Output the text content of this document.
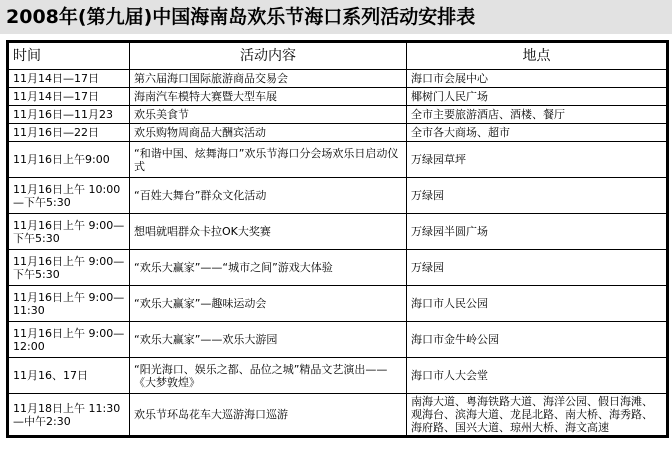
2008年(第九届)中国海南岛欢乐节海口系列活动安排表
时间	活动内容	地点
11月14日—17日	第六届海口国际旅游商品交易会	海口市会展中心
11月14日—17日	海南汽车模特大赛暨大型车展	椰树门人民广场
11月16日—11月23	欢乐美食节	全市主要旅游酒店、酒楼、餐厅
11月16日—22日	欢乐购物周商品大酬宾活动	全市各大商场、超市
11月16日上午9:00	“和谐中国、炫舞海口”欢乐节海口分会场欢乐日启动仪式	万绿园草坪
11月16日上午 10:00—下午5:30	“百姓大舞台”群众文化活动	万绿园
11月16日上午 9:00—下午5:30	想唱就唱群众卡拉OK大奖赛	万绿园半圆广场
11月16日上午 9:00—下午5:30	“欢乐大赢家”——“城市之间”游戏大体验	万绿园
11月16日上午 9:00—11:30	“欢乐大赢家”—趣味运动会	海口市人民公园
11月16日上午 9:00—12:00	“欢乐大赢家”——欢乐大游园	海口市金牛岭公园
11月16、17日	“阳光海口、娱乐之都、品位之城”精品文艺演出——《大梦敦煌》	海口市人大会堂
11月18日上午 11:30—中午2:30	欢乐节环岛花车大巡游海口巡游	南海大道、粤海铁路大道、海洋公园、假日海滩、观海台、滨海大道、龙昆北路、南大桥、海秀路、海府路、国兴大道、琼州大桥、海文高速
